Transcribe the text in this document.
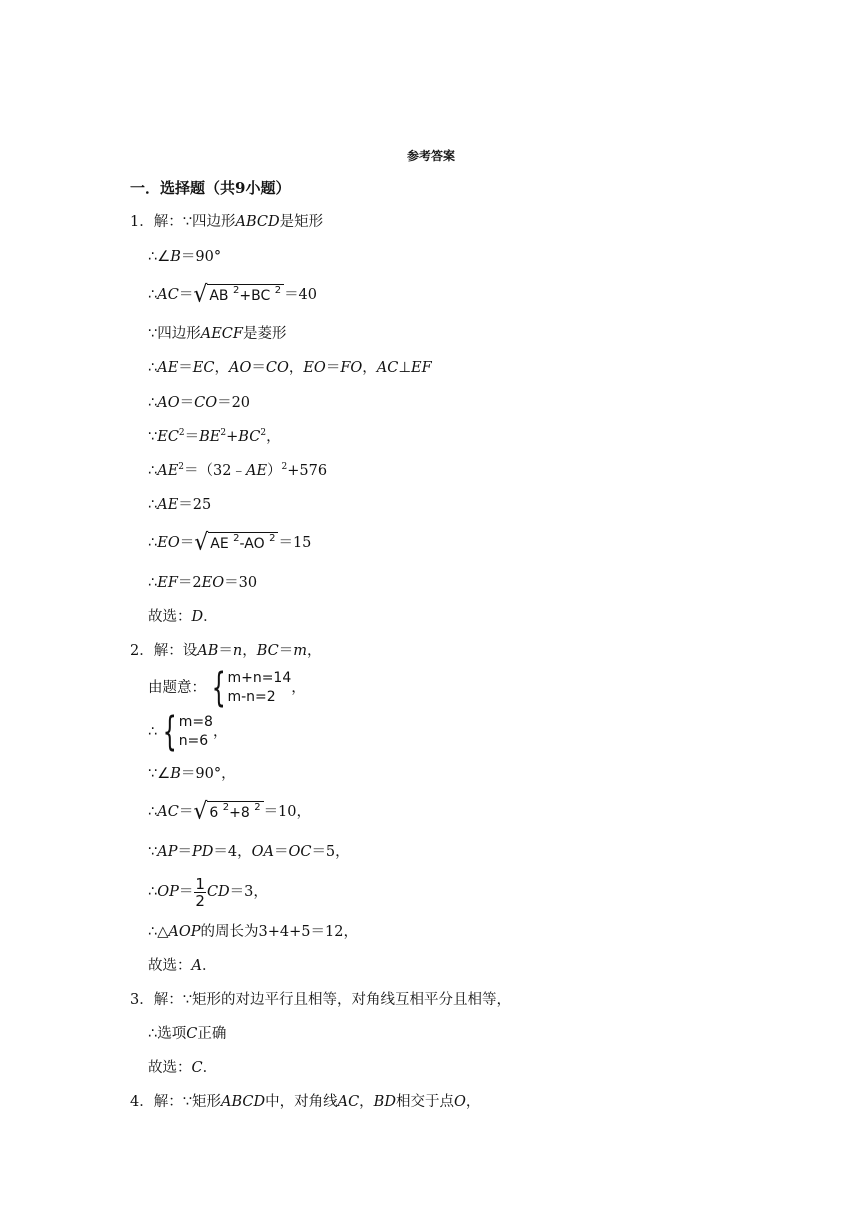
参考答案
一．选择题（共9小题）
1．解：∵四边形ABCD是矩形
∴∠B＝90°
∴AC＝ √ AB $^2$+BC $^2$ ＝40
∵四边形AECF是菱形
∴AE＝EC，AO＝CO，EO＝FO，AC⊥EF
∴AO＝CO＝20
$\because EC^2=BE^2+BC^2$，
$\therefore AE^2=(32﹣AE)^2+576$
∴AE＝25
∴EO＝ √ AE $^2$-AO $^2$ ＝15
∴EF＝2EO＝30
故选：D．
2．解：设AB＝n，BC＝m，
由题意： { m+n=14
m-n=2
，
∴ { m=8
n=6
，
∵∠B＝90°，
∴AC＝ √ 6 $^2$+8 $^2$ ＝10，
∵AP＝PD＝4，OA＝OC＝5，
∴OP＝ $\frac{1}{2} CD=3$，
∴△AOP的周长为3+4+5＝12，
故选：A．
3．解：∵矩形的对边平行且相等，对角线互相平分且相等，
∴选项C正确
故选：C．
4．解：∵矩形ABCD中，对角线AC，BD相交于点O，
